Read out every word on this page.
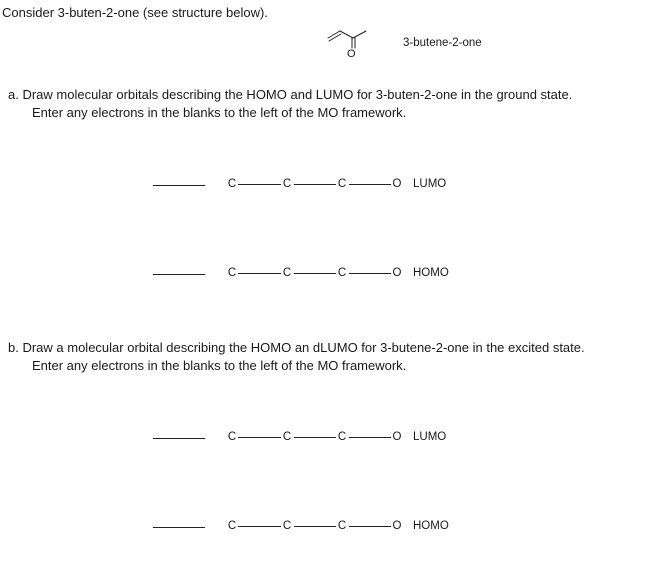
Consider 3-buten-2-one (see structure below).
O
3-butene-2-one
a. Draw molecular orbitals describing the HOMO and LUMO for 3-buten-2-one in the ground state.
Enter any electrons in the blanks to the left of the MO framework.
C	C	C	O LUMO
C	C	C	O HOMO
b. Draw a molecular orbital describing the HOMO an dLUMO for 3-butene-2-one in the excited state.
Enter any electrons in the blanks to the left of the MO framework.
C	C	C	O LUMO
C	C	C	O HOMO
